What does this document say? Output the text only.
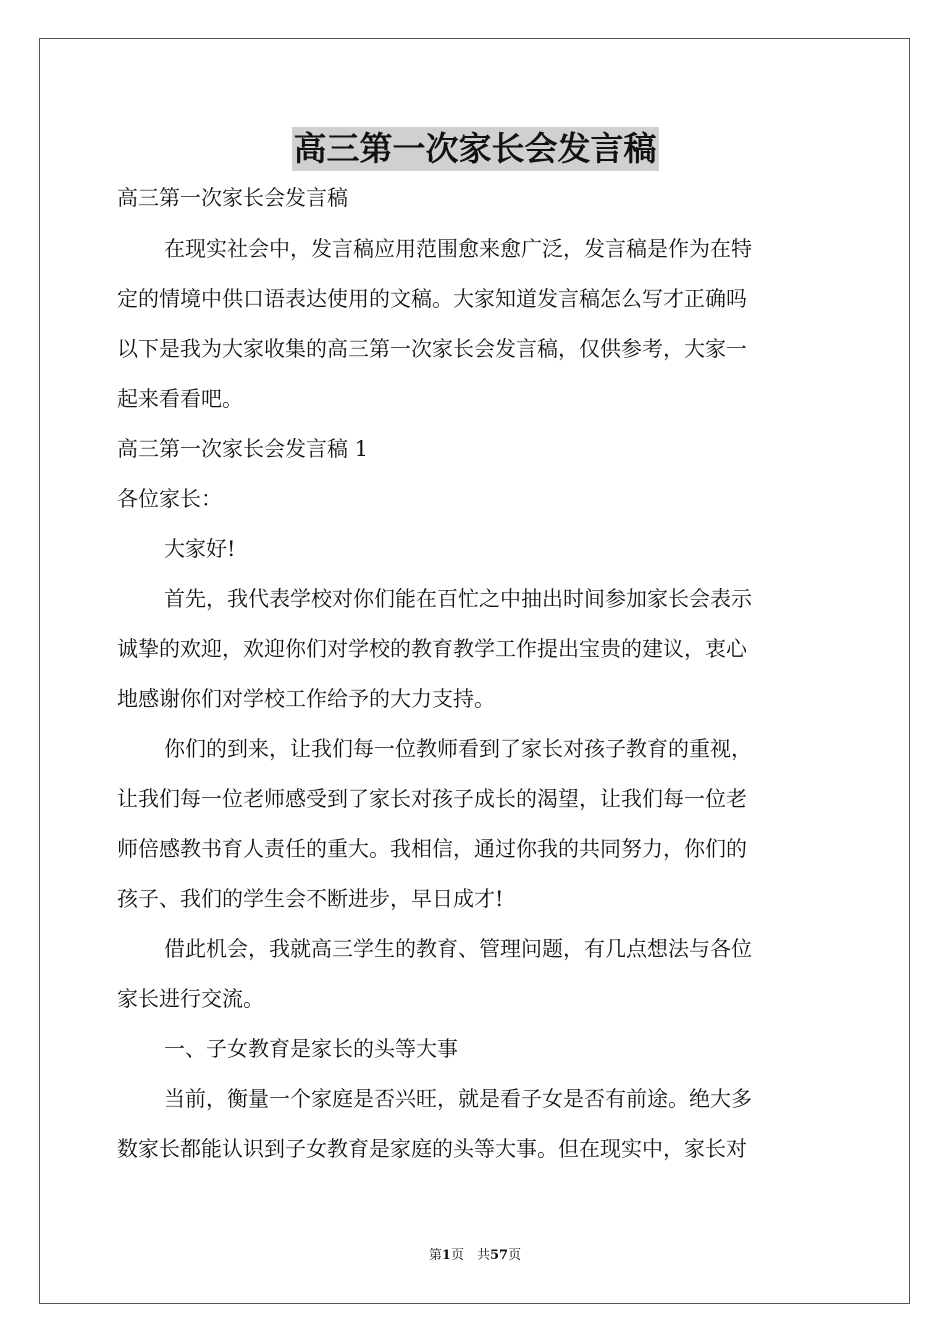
高三第一次家长会发言稿
高三第一次家长会发言稿
在现实社会中，发言稿应用范围愈来愈广泛，发言稿是作为在特
定的情境中供口语表达使用的文稿。大家知道发言稿怎么写才正确吗
以下是我为大家收集的高三第一次家长会发言稿，仅供参考，大家一
起来看看吧。
高三第一次家长会发言稿 1
各位家长：
大家好!
首先，我代表学校对你们能在百忙之中抽出时间参加家长会表示
诚挚的欢迎，欢迎你们对学校的教育教学工作提出宝贵的建议，衷心
地感谢你们对学校工作给予的大力支持。
你们的到来，让我们每一位教师看到了家长对孩子教育的重视，
让我们每一位老师感受到了家长对孩子成长的渴望，让我们每一位老
师倍感教书育人责任的重大。我相信，通过你我的共同努力，你们的
孩子、我们的学生会不断进步，早日成才!
借此机会，我就高三学生的教育、管理问题，有几点想法与各位
家长进行交流。
一、子女教育是家长的头等大事
当前，衡量一个家庭是否兴旺，就是看子女是否有前途。绝大多
数家长都能认识到子女教育是家庭的头等大事。但在现实中，家长对
第1页　共57页
